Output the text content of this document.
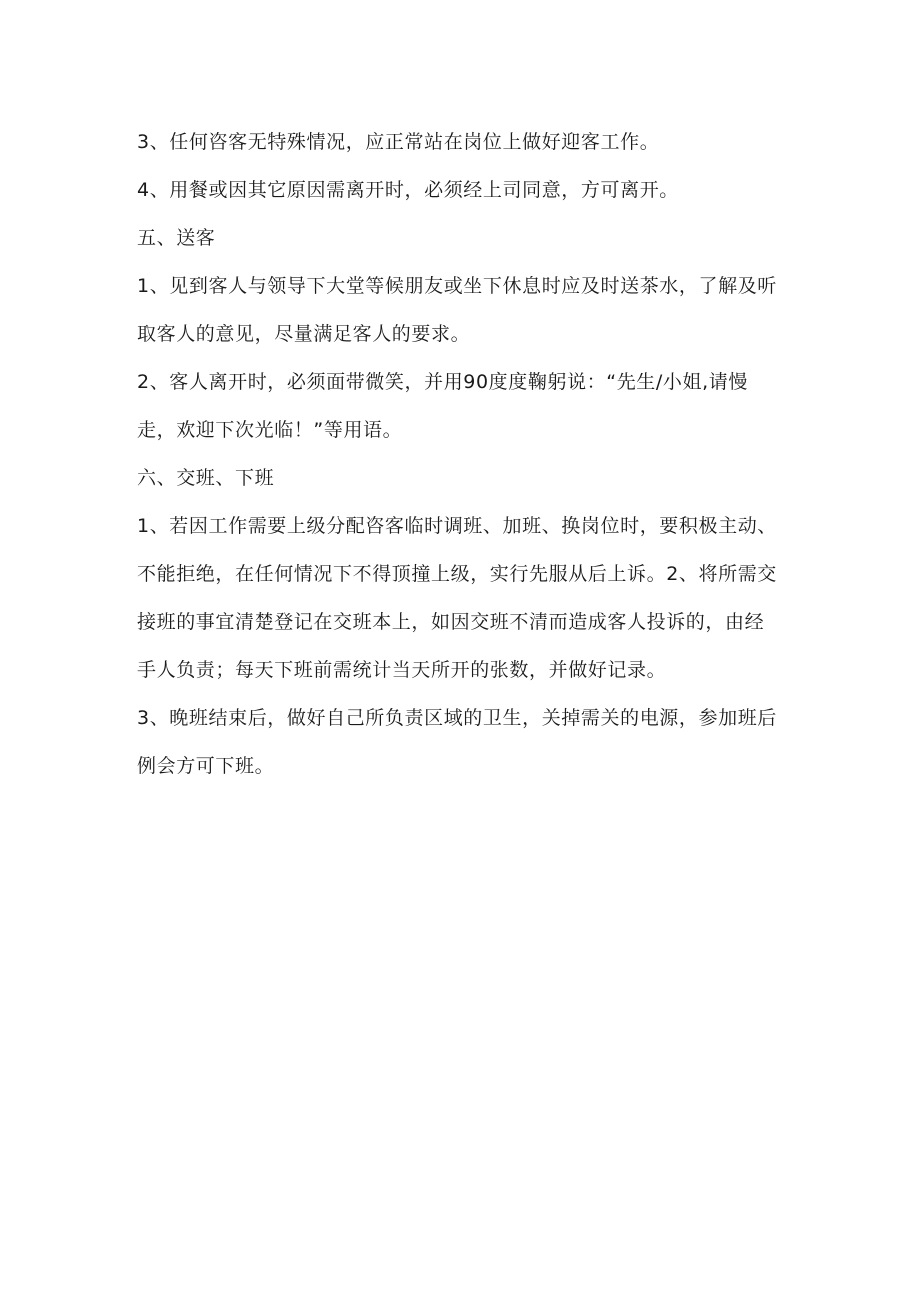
3、任何咨客无特殊情况，应正常站在岗位上做好迎客工作。
4、用餐或因其它原因需离开时，必须经上司同意，方可离开。
五、送客
1、见到客人与领导下大堂等候朋友或坐下休息时应及时送茶水，了解及听
取客人的意见，尽量满足客人的要求。
2、客人离开时，必须面带微笑，并用90度度鞠躬说：“先生/小姐,请慢
走，欢迎下次光临！”等用语。
六、交班、下班
1、若因工作需要上级分配咨客临时调班、加班、换岗位时，要积极主动、
不能拒绝，在任何情况下不得顶撞上级，实行先服从后上诉。2、将所需交
接班的事宜清楚登记在交班本上，如因交班不清而造成客人投诉的，由经
手人负责；每天下班前需统计当天所开的张数，并做好记录。
3、晚班结束后，做好自己所负责区域的卫生，关掉需关的电源，参加班后
例会方可下班。
